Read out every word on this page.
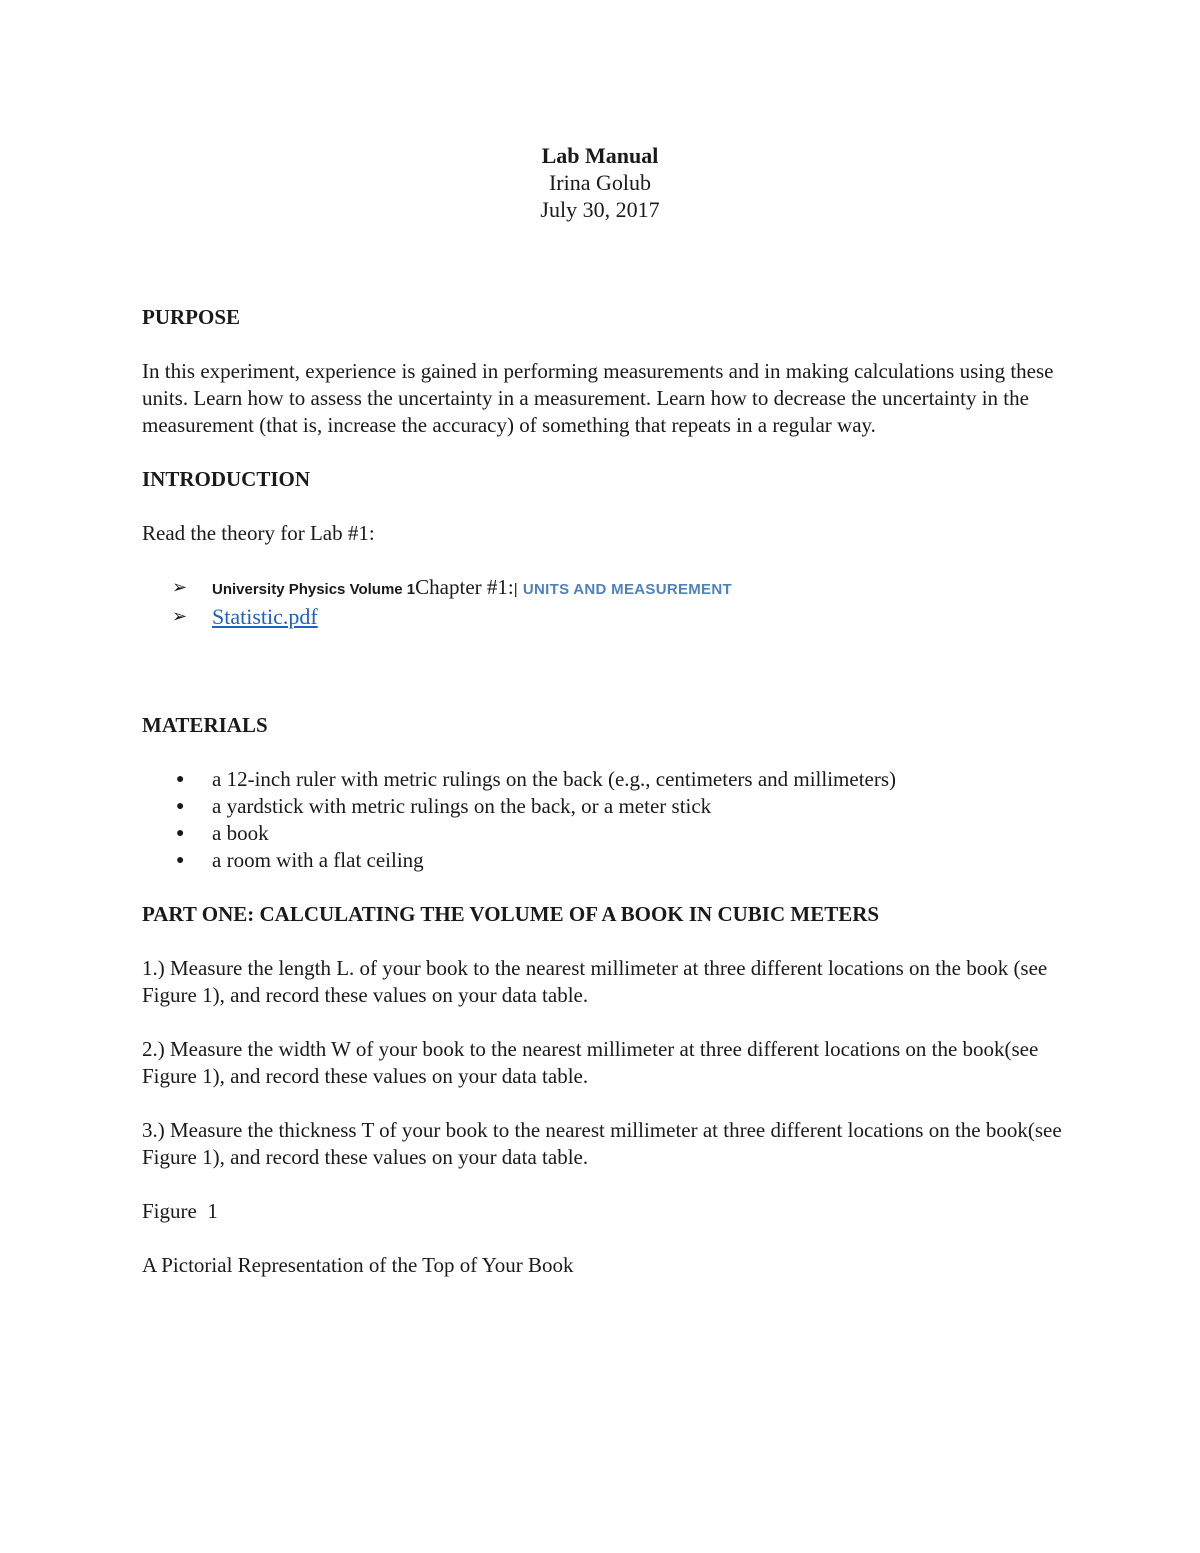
Lab Manual
Irina Golub
July 30, 2017
PURPOSE

In this experiment, experience is gained in performing measurements and in making calculations using these units. Learn how to assess the uncertainty in a measurement. Learn how to decrease the uncertainty in the measurement (that is, increase the accuracy) of something that repeats in a regular way.

INTRODUCTION

Read the theory for Lab #1:

➢ University Physics Volume 1Chapter #1:| UNITS AND MEASUREMENT
➢ Statistic.pdf
MATERIALS
● a 12-inch ruler with metric rulings on the back (e.g., centimeters and millimeters)
● a yardstick with metric rulings on the back, or a meter stick
● a book
● a room with a flat ceiling
PART ONE: CALCULATING THE VOLUME OF A BOOK IN CUBIC METERS

1.) Measure the length L. of your book to the nearest millimeter at three different locations on the book (see Figure 1), and record these values on your data table.

2.) Measure the width W of your book to the nearest millimeter at three different locations on the book(see Figure 1), and record these values on your data table.

3.) Measure the thickness T of your book to the nearest millimeter at three different locations on the book(see Figure 1), and record these values on your data table.

Figure  1

A Pictorial Representation of the Top of Your Book
